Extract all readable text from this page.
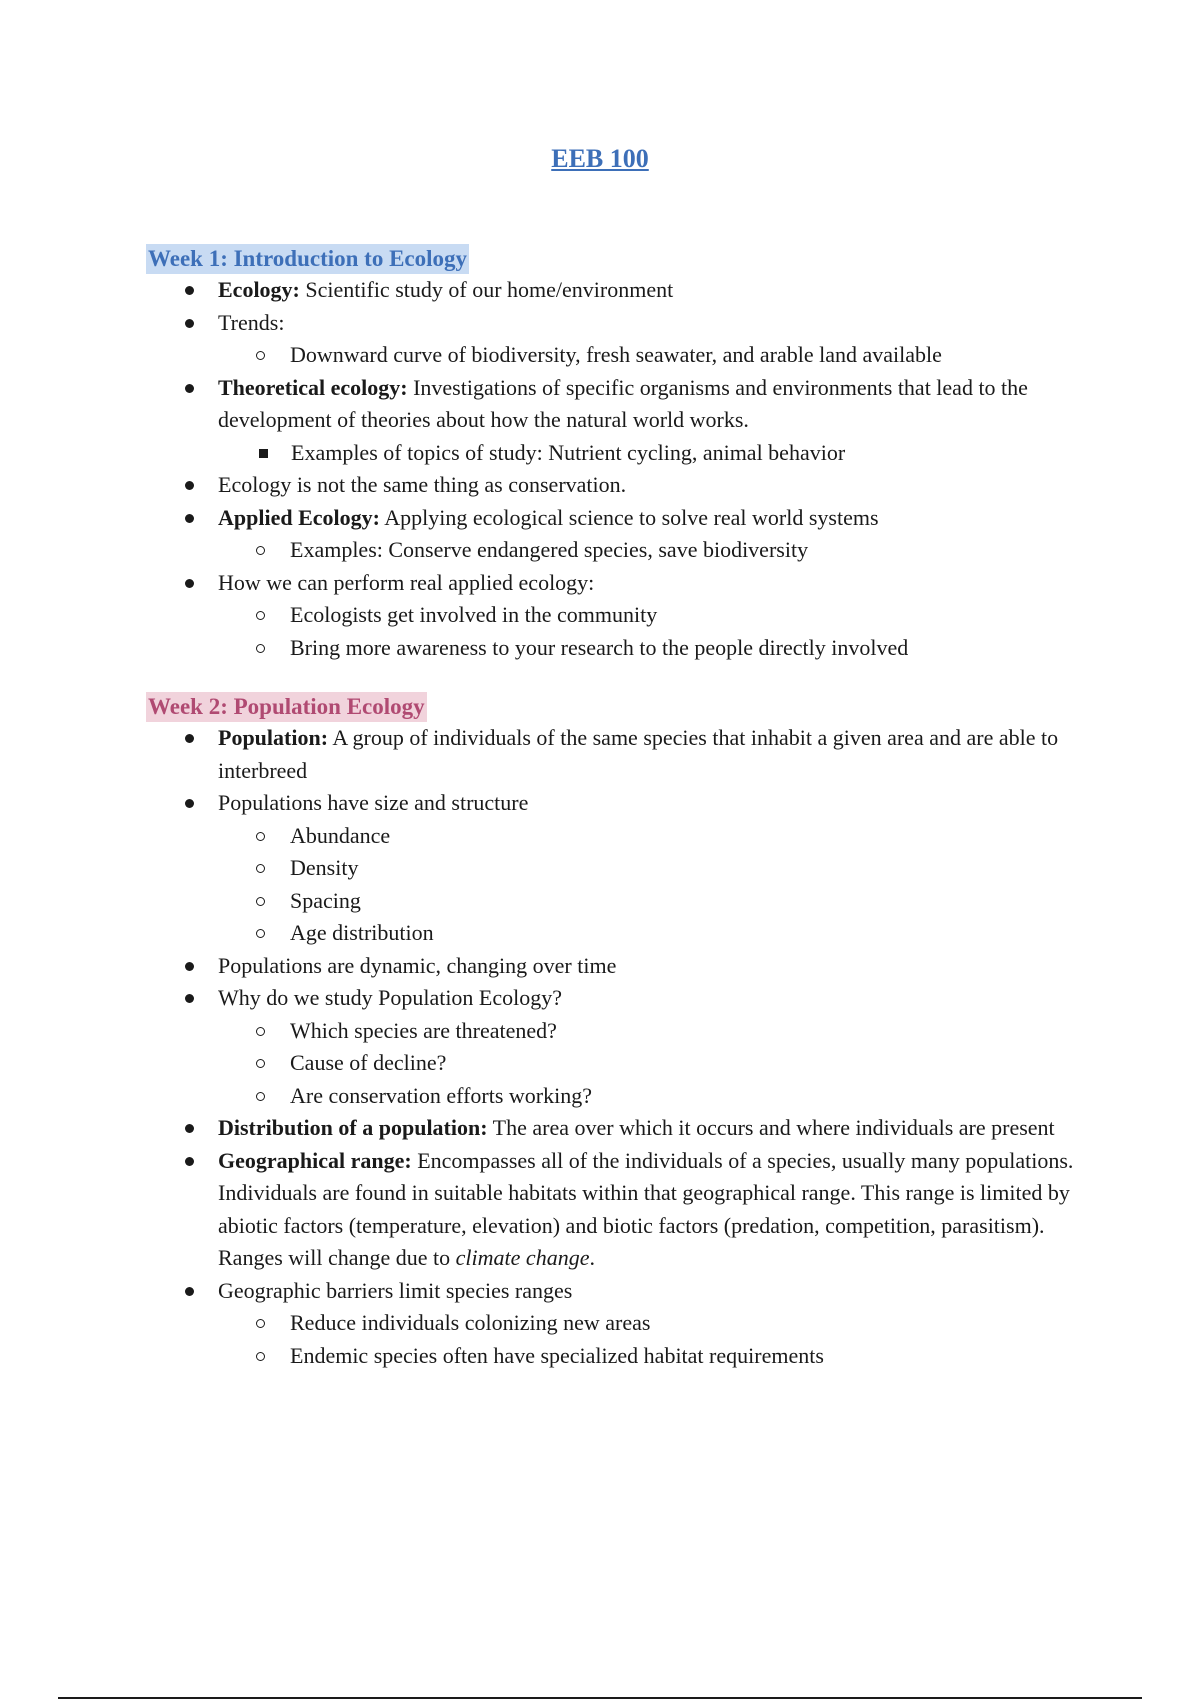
EEB 100
Week 1: Introduction to Ecology
Ecology: Scientific study of our home/environment
Trends:
Downward curve of biodiversity, fresh seawater, and arable land available
Theoretical ecology: Investigations of specific organisms and environments that lead to the development of theories about how the natural world works.
Examples of topics of study: Nutrient cycling, animal behavior
Ecology is not the same thing as conservation.
Applied Ecology: Applying ecological science to solve real world systems
Examples: Conserve endangered species, save biodiversity
How we can perform real applied ecology:
Ecologists get involved in the community
Bring more awareness to your research to the people directly involved
Week 2: Population Ecology
Population: A group of individuals of the same species that inhabit a given area and are able to interbreed
Populations have size and structure
Abundance
Density
Spacing
Age distribution
Populations are dynamic, changing over time
Why do we study Population Ecology?
Which species are threatened?
Cause of decline?
Are conservation efforts working?
Distribution of a population: The area over which it occurs and where individuals are present
Geographical range: Encompasses all of the individuals of a species, usually many populations. Individuals are found in suitable habitats within that geographical range. This range is limited by abiotic factors (temperature, elevation) and biotic factors (predation, competition, parasitism). Ranges will change due to climate change.
Geographic barriers limit species ranges
Reduce individuals colonizing new areas
Endemic species often have specialized habitat requirements
